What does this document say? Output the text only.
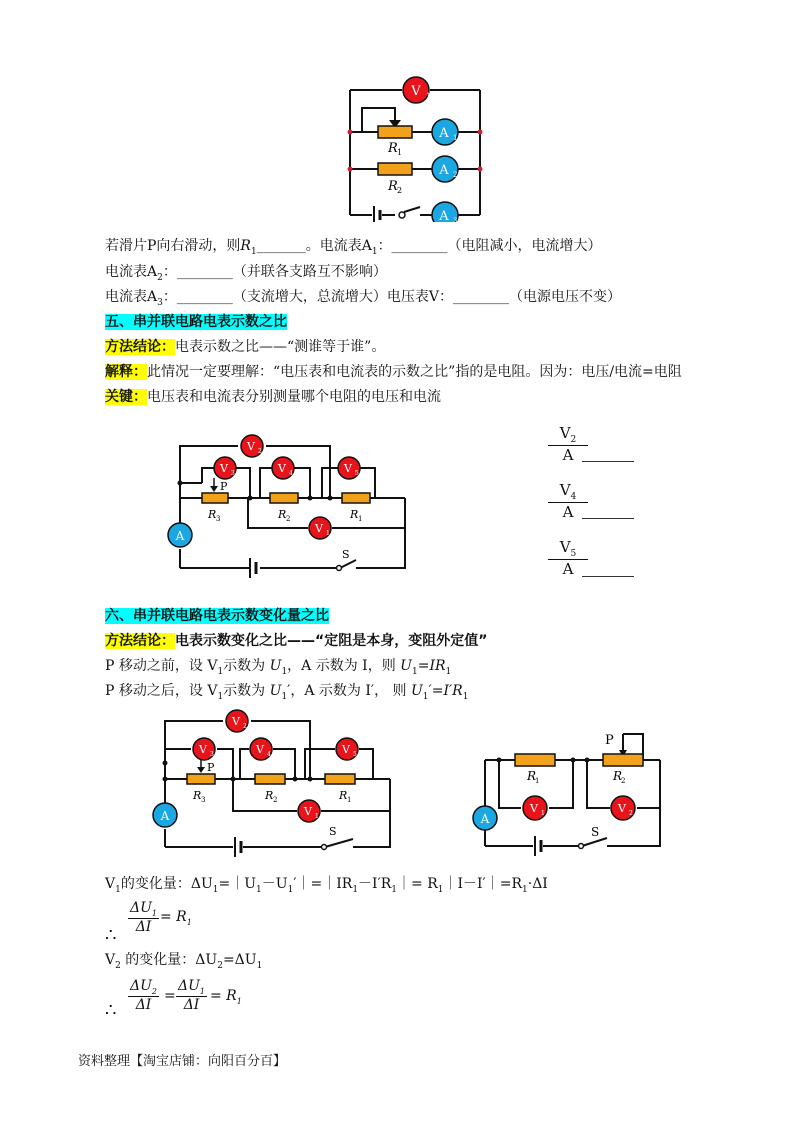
V 1
A 1
A 2
A 3
R 1
R 2
若滑片P向右滑动，则$R_1\_\_\_\_\_\_\_$。电流表$A_1$：________（电阻减小，电流增大）
电流表$A_2$：________（并联各支路互不影响）
电流表$A_3$：________（支流增大，总流增大）电压表V：________（电源电压不变）
五、串并联电路电表示数之比
方法结论：电表示数之比——“测谁等于谁”。
解释：此情况一定要理解：“电压表和电流表的示数之比”指的是电阻。因为：电压/电流=电阻
关键：电压表和电流表分别测量哪个电阻的电压和电流
V 2
V 3	V 4	V 5
V 1
A
P
S
R 3	R 2	R 1
$V_2$
A
$V_4$
A
$V_5$
A
六、串并联电路电表示数变化量之比
方法结论：电表示数变化之比——“定阻是本身，变阻外定值”
P 移动之前，设 $V_1$示数为 $U_1$，A 示数为 I，则 $U_1=IR_1$
P 移动之后，设 $V_1$示数为 $U_1'$，A 示数为 I′， 则 $U_1'=I'R_1$
V 2
V 3	V 4	V 5
V 1
A
P
S
R 3	R 2	R 1
A
V 1	V 2
P
S
R
1	R
2
$V_1$的变化量：$\Delta U_1=|U_1-U_1'|=|IR_1-I'R_1|=$ $R_1|I-I'|=R_1\cdot\Delta I$
$\frac{\Delta U_1}{\Delta I} = R_1$
∴
$V_2$ 的变化量：$\Delta U_2=\Delta U_1$
$\frac{\Delta U_2}{\Delta I} = \frac{\Delta U_1}{\Delta I} = R_1$
∴
资料整理【淘宝店铺：向阳百分百】
